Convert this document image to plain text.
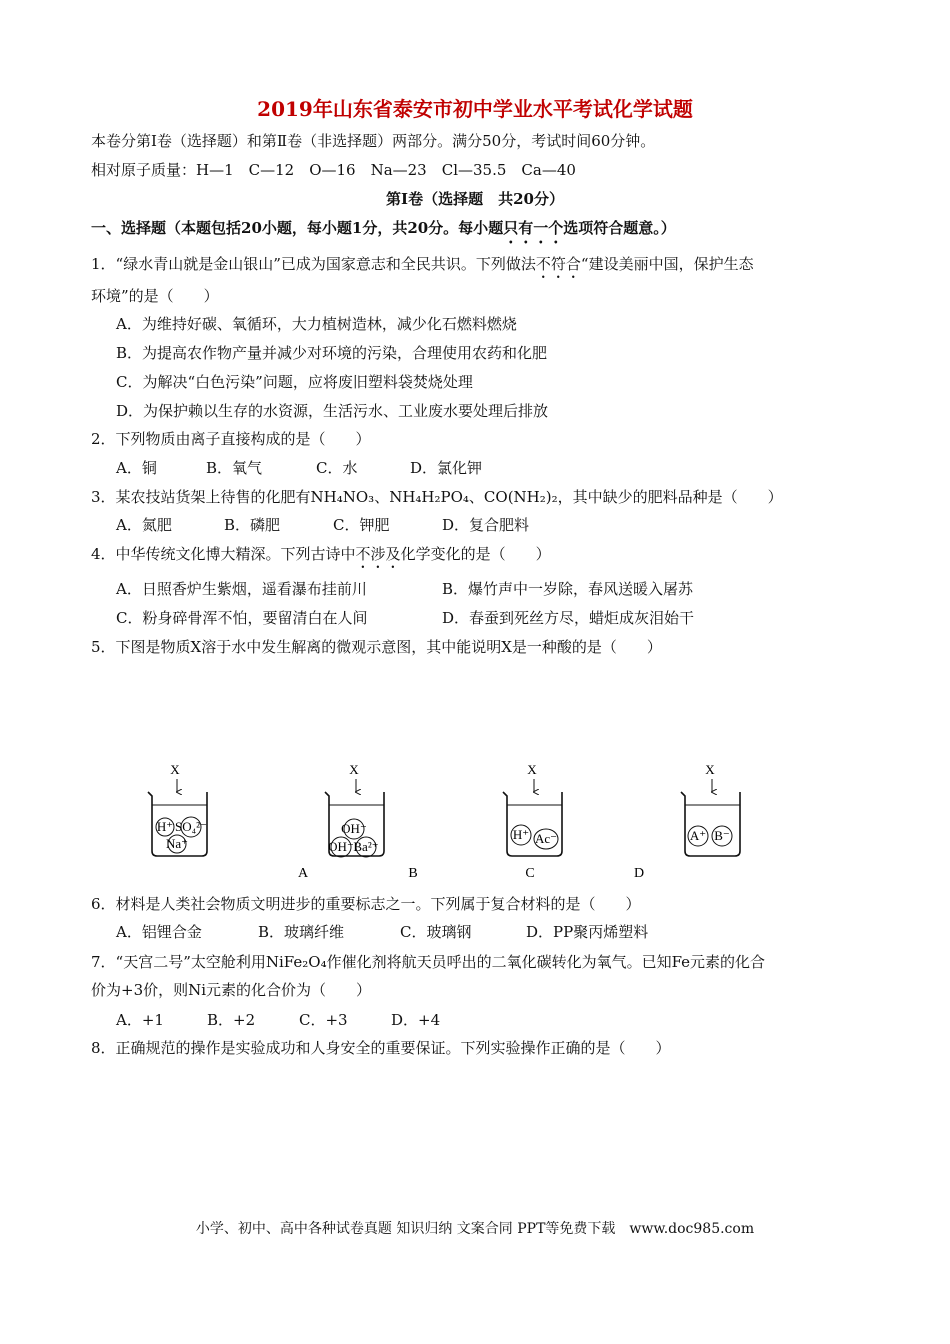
2019年山东省泰安市初中学业水平考试化学试题
本卷分第Ⅰ卷（选择题）和第Ⅱ卷（非选择题）两部分。满分50分，考试时间60分钟。
相对原子质量：H—1　C—12　O—16　Na—23　Cl—35.5　Ca—40
第Ⅰ卷（选择题　共20分）
一、选择题（本题包括20小题，每小题1分，共20分。每小题只有一个选项符合题意。）
1．“绿水青山就是金山银山”已成为国家意志和全民共识。下列做法不符合“建设美丽中国，保护生态
环境”的是（　　）
A．为维持好碳、氧循环，大力植树造林，减少化石燃料燃烧
B．为提高农作物产量并减少对环境的污染，合理使用农药和化肥
C．为解决“白色污染”问题，应将废旧塑料袋焚烧处理
D．为保护赖以生存的水资源，生活污水、工业废水要处理后排放
2．下列物质由离子直接构成的是（　　）
A．铜	B．氧气	C．水	D．氯化钾
3．某农技站货架上待售的化肥有NH₄NO₃、NH₄H₂PO₄、CO(NH₂)₂，其中缺少的肥料品种是（　　）
A．氮肥	B．磷肥	C．钾肥	D．复合肥料
4．中华传统文化博大精深。下列古诗中不涉及化学变化的是（　　）
A．日照香炉生紫烟，遥看瀑布挂前川	B．爆竹声中一岁除，春风送暖入屠苏
C．粉身碎骨浑不怕，要留清白在人间	D．春蚕到死丝方尽，蜡炬成灰泪始干
5．下图是物质X溶于水中发生解离的微观示意图，其中能说明X是一种酸的是（　　）
X
H⁺ SO₄²⁻
Na⁺
X
OH⁻
OH⁻ Ba²⁺
X
H⁺ Ac⁻
X
A⁺ B⁻
A	B	C	D
6．材料是人类社会物质文明进步的重要标志之一。下列属于复合材料的是（　　）
A．铝锂合金	B．玻璃纤维	C．玻璃钢	D．PP聚丙烯塑料
7．“天宫二号”太空舱利用NiFe₂O₄作催化剂将航天员呼出的二氧化碳转化为氧气。已知Fe元素的化合
价为+3价，则Ni元素的化合价为（　　）
A．+1	B．+2	C．+3	D．+4
8．正确规范的操作是实验成功和人身安全的重要保证。下列实验操作正确的是（　　）
小学、初中、高中各种试卷真题 知识归纳 文案合同 PPT等免费下载　www.doc985.com
